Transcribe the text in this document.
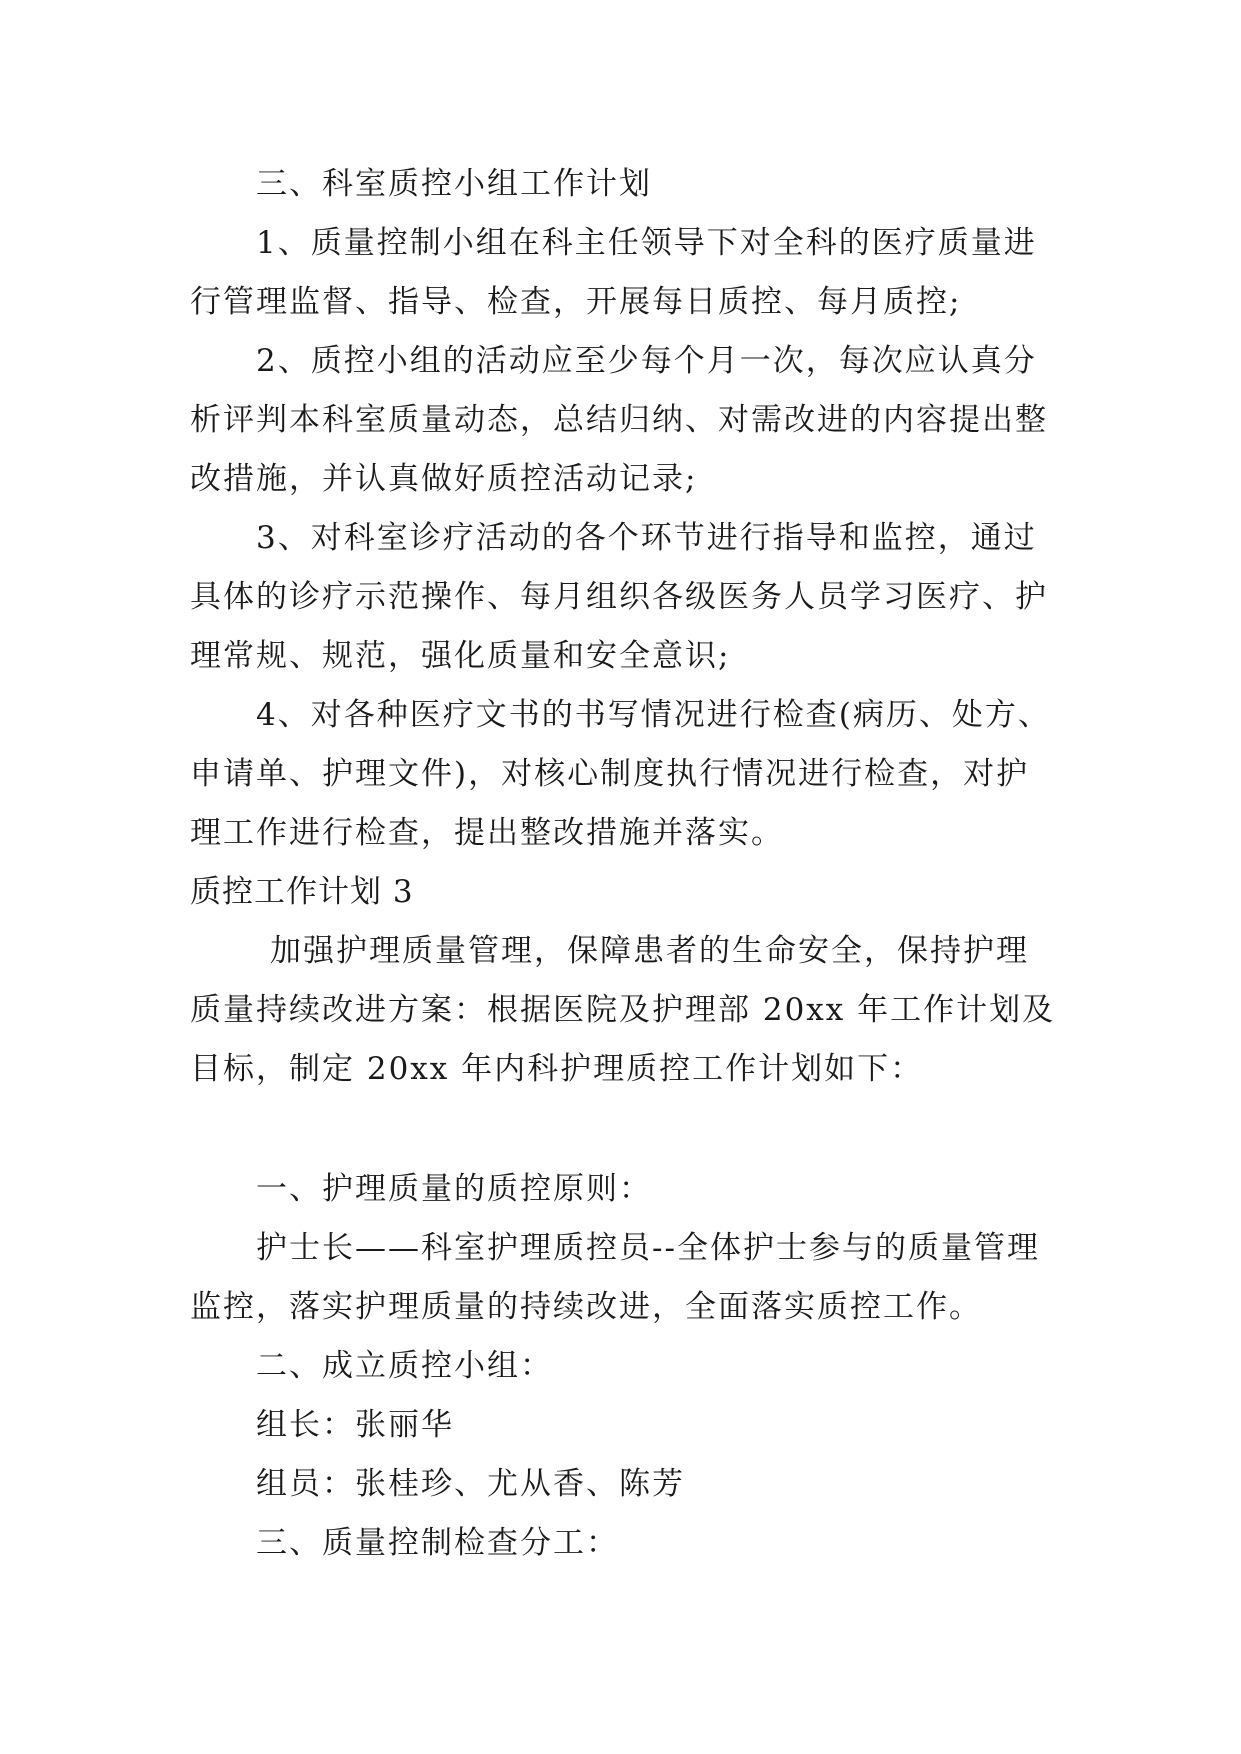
三、科室质控小组工作计划
1、质量控制小组在科主任领导下对全科的医疗质量进
行管理监督、指导、检查，开展每日质控、每月质控;
2、质控小组的活动应至少每个月一次，每次应认真分
析评判本科室质量动态，总结归纳、对需改进的内容提出整
改措施，并认真做好质控活动记录;
3、对科室诊疗活动的各个环节进行指导和监控，通过
具体的诊疗示范操作、每月组织各级医务人员学习医疗、护
理常规、规范，强化质量和安全意识;
4、对各种医疗文书的书写情况进行检查(病历、处方、
申请单、护理文件)，对核心制度执行情况进行检查，对护
理工作进行检查，提出整改措施并落实。
质控工作计划 3
加强护理质量管理，保障患者的生命安全，保持护理
质量持续改进方案：根据医院及护理部 20xx 年工作计划及
目标，制定 20xx 年内科护理质控工作计划如下：
一、护理质量的质控原则：
护士长——科室护理质控员--全体护士参与的质量管理
监控，落实护理质量的持续改进，全面落实质控工作。
二、成立质控小组：
组长：张丽华
组员：张桂珍、尤从香、陈芳
三、质量控制检查分工：
